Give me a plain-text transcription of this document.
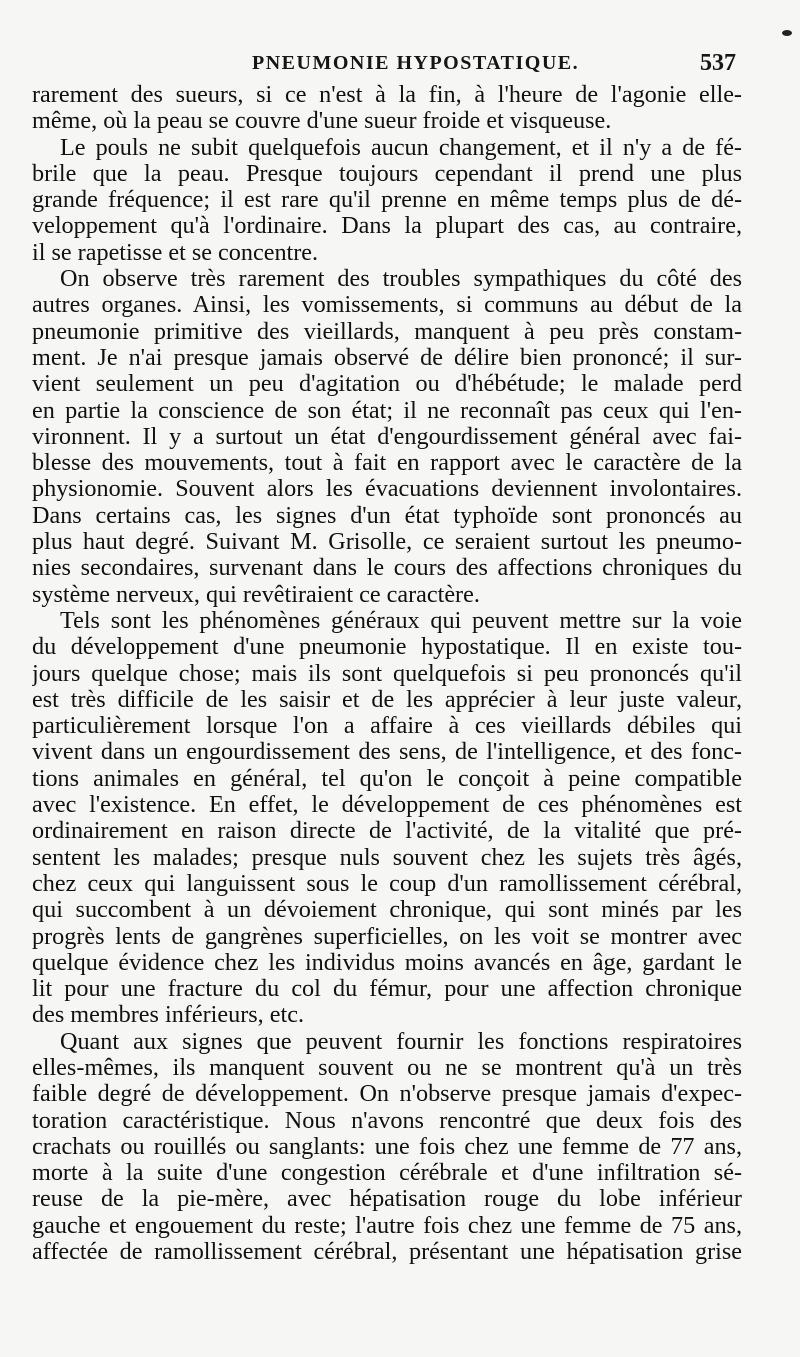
PNEUMONIE HYPOSTATIQUE.	537
rarement des sueurs, si ce n'est à la fin, à l'heure de l'agonie elle-
même, où la peau se couvre d'une sueur froide et visqueuse.
Le pouls ne subit quelquefois aucun changement, et il n'y a de fé-
brile que la peau. Presque toujours cependant il prend une plus
grande fréquence; il est rare qu'il prenne en même temps plus de dé-
veloppement qu'à l'ordinaire. Dans la plupart des cas, au contraire,
il se rapetisse et se concentre.
On observe très rarement des troubles sympathiques du côté des
autres organes. Ainsi, les vomissements, si communs au début de la
pneumonie primitive des vieillards, manquent à peu près constam-
ment. Je n'ai presque jamais observé de délire bien prononcé; il sur-
vient seulement un peu d'agitation ou d'hébétude; le malade perd
en partie la conscience de son état; il ne reconnaît pas ceux qui l'en-
vironnent. Il y a surtout un état d'engourdissement général avec fai-
blesse des mouvements, tout à fait en rapport avec le caractère de la
physionomie. Souvent alors les évacuations deviennent involontaires.
Dans certains cas, les signes d'un état typhoïde sont prononcés au
plus haut degré. Suivant M. Grisolle, ce seraient surtout les pneumo-
nies secondaires, survenant dans le cours des affections chroniques du
système nerveux, qui revêtiraient ce caractère.
Tels sont les phénomènes généraux qui peuvent mettre sur la voie
du développement d'une pneumonie hypostatique. Il en existe tou-
jours quelque chose; mais ils sont quelquefois si peu prononcés qu'il
est très difficile de les saisir et de les apprécier à leur juste valeur,
particulièrement lorsque l'on a affaire à ces vieillards débiles qui
vivent dans un engourdissement des sens, de l'intelligence, et des fonc-
tions animales en général, tel qu'on le conçoit à peine compatible
avec l'existence. En effet, le développement de ces phénomènes est
ordinairement en raison directe de l'activité, de la vitalité que pré-
sentent les malades; presque nuls souvent chez les sujets très âgés,
chez ceux qui languissent sous le coup d'un ramollissement cérébral,
qui succombent à un dévoiement chronique, qui sont minés par les
progrès lents de gangrènes superficielles, on les voit se montrer avec
quelque évidence chez les individus moins avancés en âge, gardant le
lit pour une fracture du col du fémur, pour une affection chronique
des membres inférieurs, etc.
Quant aux signes que peuvent fournir les fonctions respiratoires
elles-mêmes, ils manquent souvent ou ne se montrent qu'à un très
faible degré de développement. On n'observe presque jamais d'expec-
toration caractéristique. Nous n'avons rencontré que deux fois des
crachats ou rouillés ou sanglants: une fois chez une femme de 77 ans,
morte à la suite d'une congestion cérébrale et d'une infiltration sé-
reuse de la pie-mère, avec hépatisation rouge du lobe inférieur
gauche et engouement du reste; l'autre fois chez une femme de 75 ans,
affectée de ramollissement cérébral, présentant une hépatisation grise
